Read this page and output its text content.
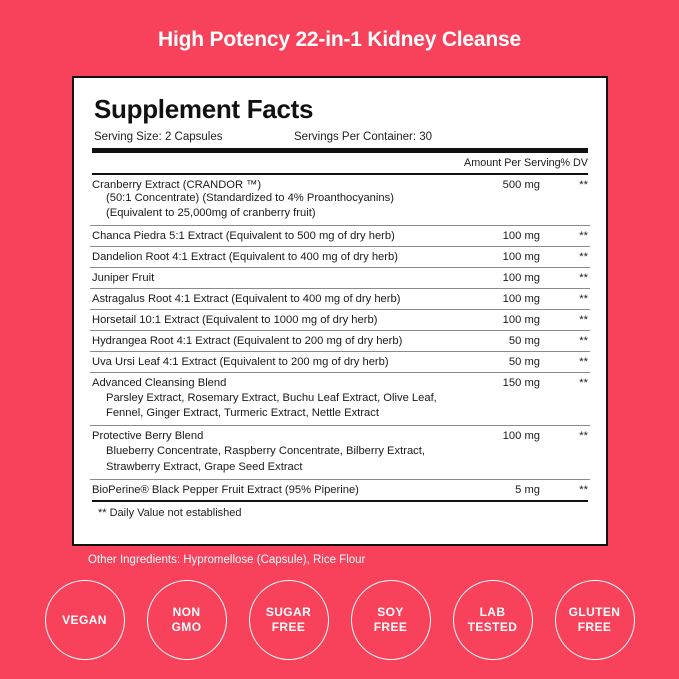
High Potency 22-in-1 Kidney Cleanse
Supplement Facts
Serving Size: 2 Capsules	Servings Per Container: 30
	Amount Per Serving	% DV
Cranberry Extract (CRANDOR ™)
(50:1 Concentrate) (Standardized to 4% Proanthocyanins)
(Equivalent to 25,000mg of cranberry fruit)	500 mg	**
Chanca Piedra 5:1 Extract (Equivalent to 500 mg of dry herb)	100 mg	**
Dandelion Root 4:1 Extract (Equivalent to 400 mg of dry herb)	100 mg	**
Juniper Fruit	100 mg	**
Astragalus Root 4:1 Extract (Equivalent to 400 mg of dry herb)	100 mg	**
Horsetail 10:1 Extract (Equivalent to 1000 mg of dry herb)	100 mg	**
Hydrangea Root 4:1 Extract (Equivalent to 200 mg of dry herb)	50 mg	**
Uva Ursi Leaf 4:1 Extract (Equivalent to 200 mg of dry herb)	50 mg	**
Advanced Cleansing Blend
Parsley Extract, Rosemary Extract, Buchu Leaf Extract, Olive Leaf, Fennel, Ginger Extract, Turmeric Extract, Nettle Extract	150 mg	**
Protective Berry Blend
Blueberry Concentrate, Raspberry Concentrate, Bilberry Extract, Strawberry Extract, Grape Seed Extract	100 mg	**
BioPerine® Black Pepper Fruit Extract (95% Piperine)	5 mg	**
** Daily Value not established
Other Ingredients: Hypromellose (Capsule), Rice Flour
VEGAN
NON
GMO
SUGAR
FREE
SOY
FREE
LAB
TESTED
GLUTEN
FREE
